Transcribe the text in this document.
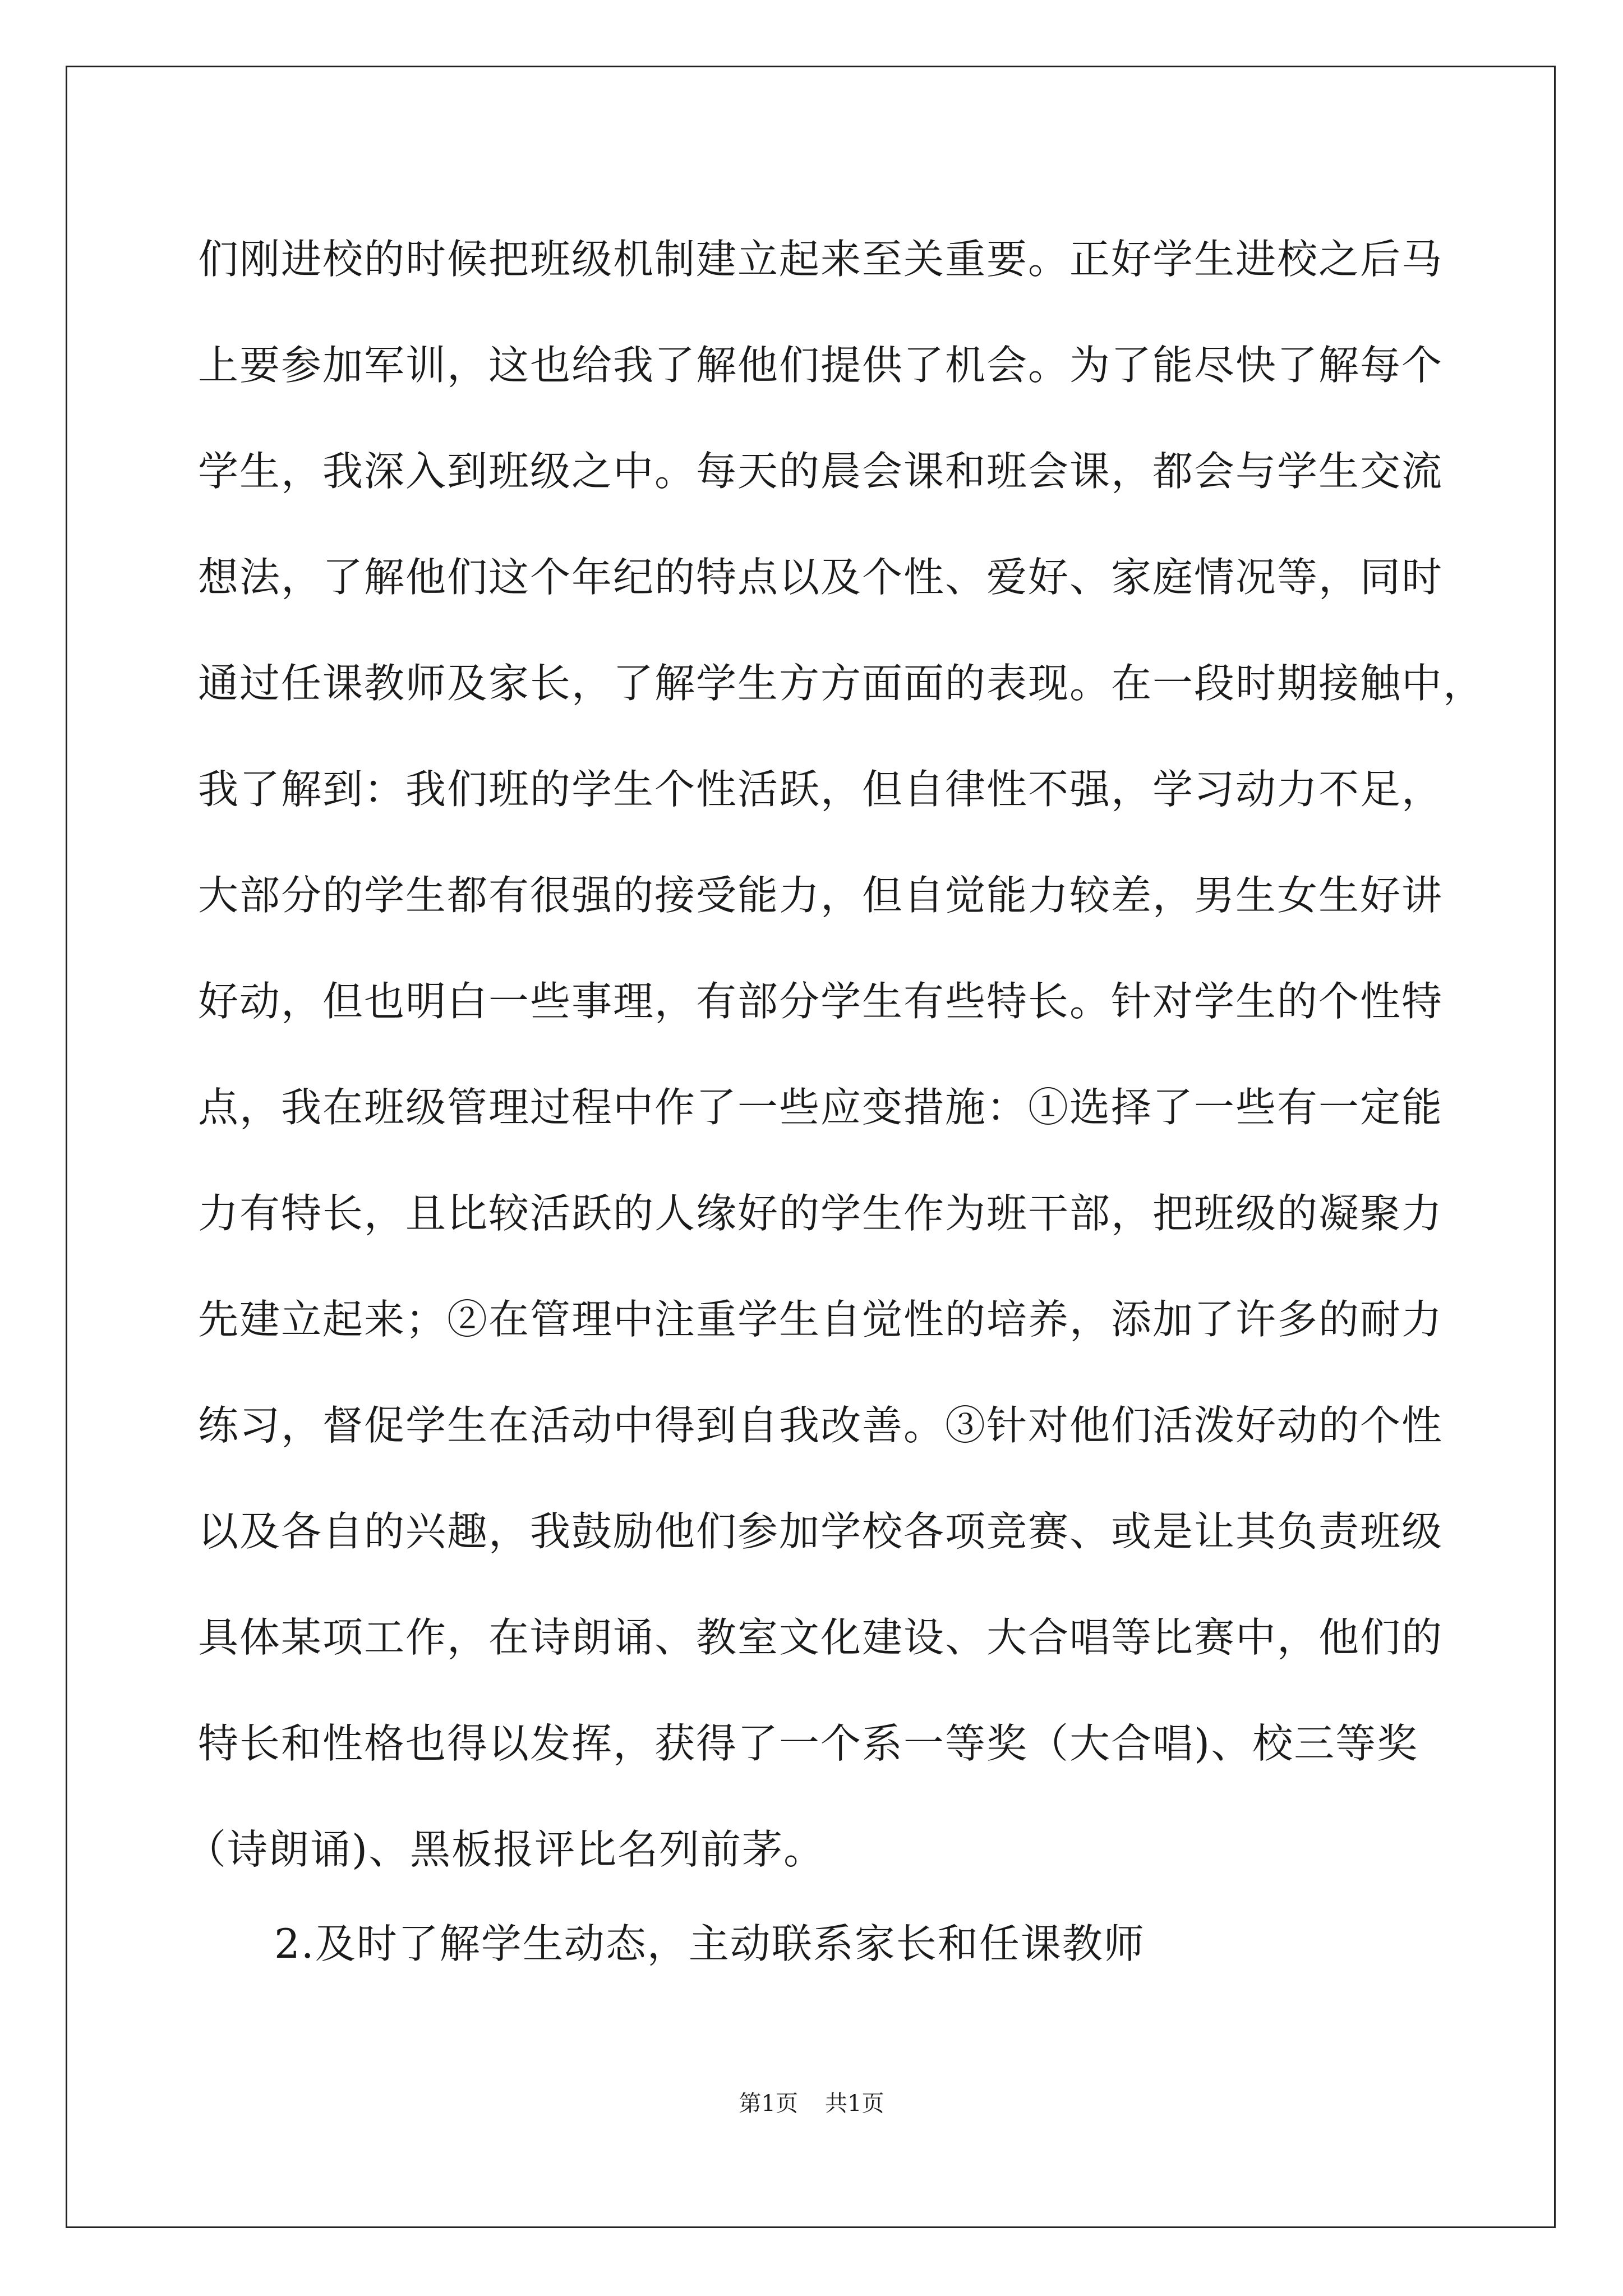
们刚进校的时候把班级机制建立起来至关重要。正好学生进校之后马
上要参加军训，这也给我了解他们提供了机会。为了能尽快了解每个
学生，我深入到班级之中。每天的晨会课和班会课，都会与学生交流
想法，了解他们这个年纪的特点以及个性、爱好、家庭情况等，同时
通过任课教师及家长，了解学生方方面面的表现。在一段时期接触中，
我了解到：我们班的学生个性活跃，但自律性不强，学习动力不足，
大部分的学生都有很强的接受能力，但自觉能力较差，男生女生好讲
好动，但也明白一些事理，有部分学生有些特长。针对学生的个性特
点，我在班级管理过程中作了一些应变措施：①选择了一些有一定能
力有特长，且比较活跃的人缘好的学生作为班干部，把班级的凝聚力
先建立起来；②在管理中注重学生自觉性的培养，添加了许多的耐力
练习，督促学生在活动中得到自我改善。③针对他们活泼好动的个性
以及各自的兴趣，我鼓励他们参加学校各项竞赛、或是让其负责班级
具体某项工作，在诗朗诵、教室文化建设、大合唱等比赛中，他们的
特长和性格也得以发挥，获得了一个系一等奖（大合唱)、校三等奖
（诗朗诵)、黑板报评比名列前茅。

2.及时了解学生动态，主动联系家长和任课教师

第1页 共1页
